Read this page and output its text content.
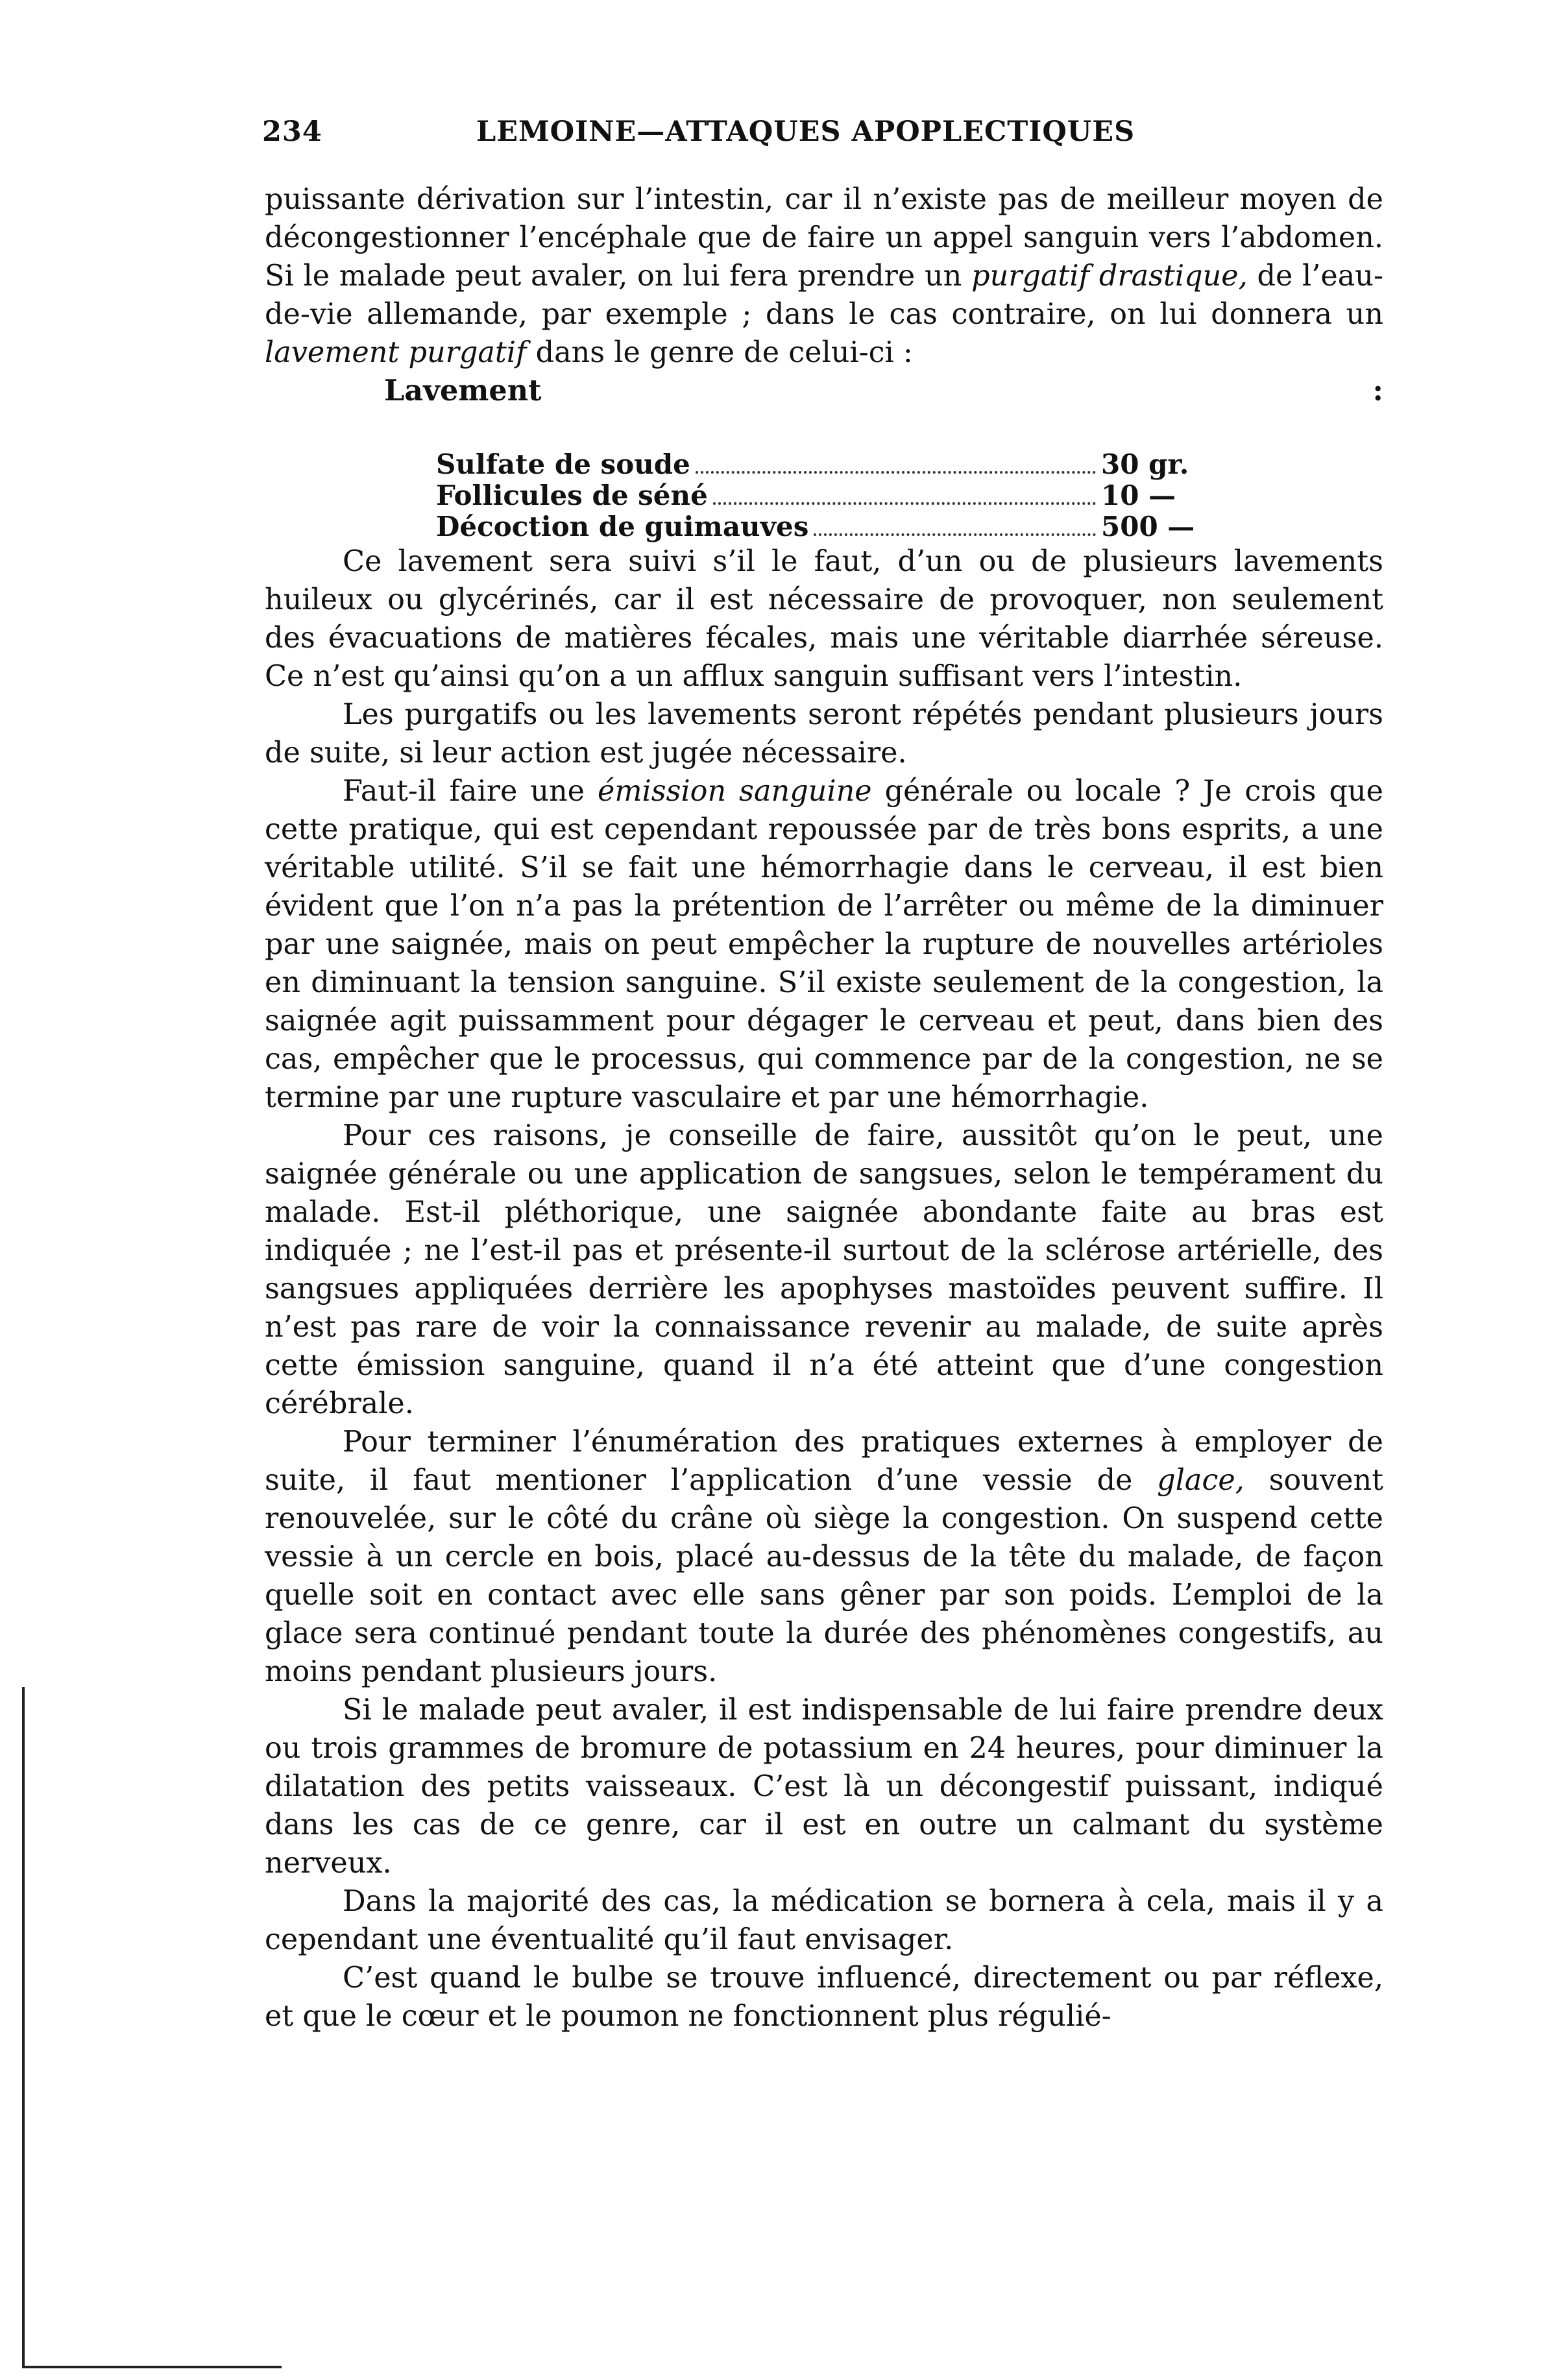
234	LEMOINE—ATTAQUES APOPLECTIQUES

puissante dérivation sur l’intestin, car il n’existe pas de meilleur moyen de décongestionner l’encéphale que de faire un appel sanguin vers l’abdomen. Si le malade peut avaler, on lui fera prendre un purgatif drastique, de l’eau-de-vie allemande, par exemple ; dans le cas contraire, on lui donnera un lavement purgatif dans le genre de celui-ci :

Lavement :

Sulfate de soude	30 gr.
Follicules de séné	10 —
Décoction de guimauves	500 —

Ce lavement sera suivi s’il le faut, d’un ou de plusieurs lavements huileux ou glycérinés, car il est nécessaire de provoquer, non seulement des évacuations de matières fécales, mais une véritable diarrhée séreuse. Ce n’est qu’ainsi qu’on a un afflux sanguin suffisant vers l’intestin.

Les purgatifs ou les lavements seront répétés pendant plusieurs jours de suite, si leur action est jugée nécessaire.

Faut-il faire une émission sanguine générale ou locale ? Je crois que cette pratique, qui est cependant repoussée par de très bons esprits, a une véritable utilité. S’il se fait une hémorrhagie dans le cerveau, il est bien évident que l’on n’a pas la prétention de l’arrêter ou même de la diminuer par une saignée, mais on peut empêcher la rupture de nouvelles artérioles en diminuant la tension sanguine. S’il existe seulement de la congestion, la saignée agit puissamment pour dégager le cerveau et peut, dans bien des cas, empêcher que le processus, qui commence par de la congestion, ne se termine par une rupture vasculaire et par une hémorrhagie.

Pour ces raisons, je conseille de faire, aussitôt qu’on le peut, une saignée générale ou une application de sangsues, selon le tempérament du malade. Est-il pléthorique, une saignée abondante faite au bras est indiquée ; ne l’est-il pas et présente-il surtout de la sclérose artérielle, des sangsues appliquées derrière les apophyses mastoïdes peuvent suffire. Il n’est pas rare de voir la connaissance revenir au malade, de suite après cette émission sanguine, quand il n’a été atteint que d’une congestion cérébrale.

Pour terminer l’énumération des pratiques externes à employer de suite, il faut mentioner l’application d’une vessie de glace, souvent renouvelée, sur le côté du crâne où siège la congestion. On suspend cette vessie à un cercle en bois, placé au-dessus de la tête du malade, de façon quelle soit en contact avec elle sans gêner par son poids. L’emploi de la glace sera continué pendant toute la durée des phénomènes congestifs, au moins pendant plusieurs jours.

Si le malade peut avaler, il est indispensable de lui faire prendre deux ou trois grammes de bromure de potassium en 24 heures, pour diminuer la dilatation des petits vaisseaux. C’est là un décongestif puissant, indiqué dans les cas de ce genre, car il est en outre un calmant du système nerveux.

Dans la majorité des cas, la médication se bornera à cela, mais il y a cependant une éventualité qu’il faut envisager.

C’est quand le bulbe se trouve influencé, directement ou par réflexe, et que le cœur et le poumon ne fonctionnent plus régulié-
